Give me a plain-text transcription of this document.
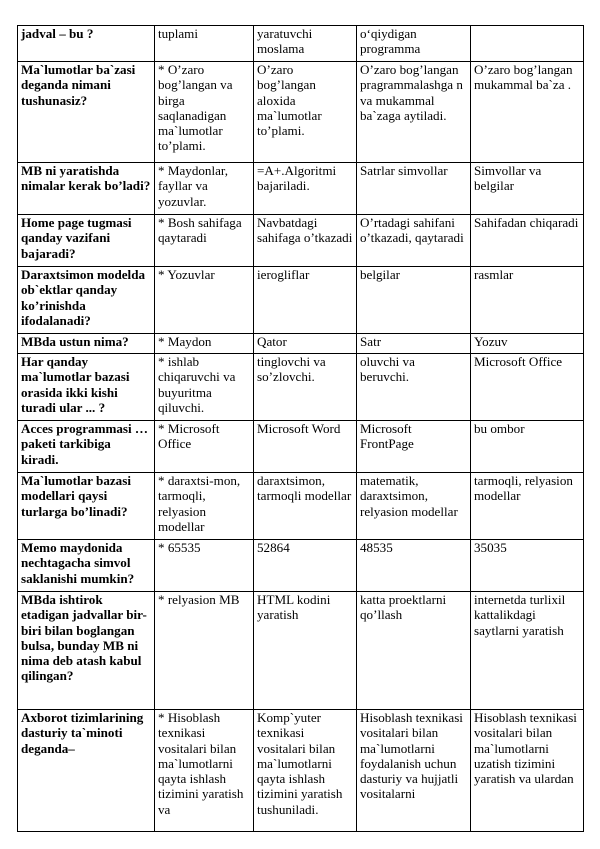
jadval – bu ?	tuplami	yaratuvchi moslama	o‘qiydigan programma	
Ma`lumotlar ba`zasi deganda nimani tushunasiz?	* O’zaro bog’langan va birga saqlanadigan ma`lumotlar to’plami.	O’zaro bog’langan aloxida ma`lumotlar to’plami.	O’zaro bog’langan pragrammalashga n va mukammal ba`zaga aytiladi.	O’zaro bog’langan mukammal ba`za .
MB ni yaratishda nimalar kerak bo’ladi?	* Maydonlar, fayllar va yozuvlar.	=A+.Algoritmi bajariladi.	Satrlar simvollar	Simvollar va belgilar
Home page tugmasi qanday vazifani bajaradi?	* Bosh sahifaga qaytaradi	Navbatdagi sahifaga o’tkazadi	O’rtadagi sahifani o’tkazadi, qaytaradi	Sahifadan chiqaradi
Daraxtsimon modelda ob`ektlar qanday ko’rinishda ifodalanadi?	* Yozuvlar	ierogliflar	belgilar	rasmlar
MBda ustun nima?	* Maydon	Qator	Satr	Yozuv
Har qanday ma`lumotlar bazasi orasida ikki kishi turadi ular ... ?	* ishlab chiqaruvchi va buyuritma qiluvchi.	tinglovchi va so’zlovchi.	oluvchi va beruvchi.	Microsoft Office
Acces programmasi … paketi tarkibiga kiradi.	* Microsoft Office	Microsoft Word	Microsoft FrontPage	bu ombor
Ma`lumotlar bazasi modellari qaysi turlarga bo’linadi?	* daraxtsi-mon, tarmoqli, relyasion modellar	daraxtsimon, tarmoqli modellar	matematik, daraxtsimon, relyasion modellar	tarmoqli, relyasion modellar
Memo maydonida nechtagacha simvol saklanishi mumkin?	* 65535	52864	48535	35035
MBda ishtirok etadigan jadvallar bir-biri bilan boglangan bulsa, bunday MB ni nima deb atash kabul qilingan?	* relyasion MB	HTML kodini yaratish	katta proektlarni qo’llash	internetda turlixil kattalikdagi saytlarni yaratish
Axborot tizimlarining dasturiy ta`minoti deganda–	* Hisoblash texnikasi vositalari bilan ma`lumotlarni qayta ishlash tizimini yaratish va	Komp`yuter texnikasi vositalari bilan ma`lumotlarni qayta ishlash tizimini yaratish tushuniladi.	Hisoblash texnikasi vositalari bilan ma`lumotlarni foydalanish uchun dasturiy va hujjatli vositalarni	Hisoblash texnikasi vositalari bilan ma`lumotlarni uzatish tizimini yaratish va ulardan
